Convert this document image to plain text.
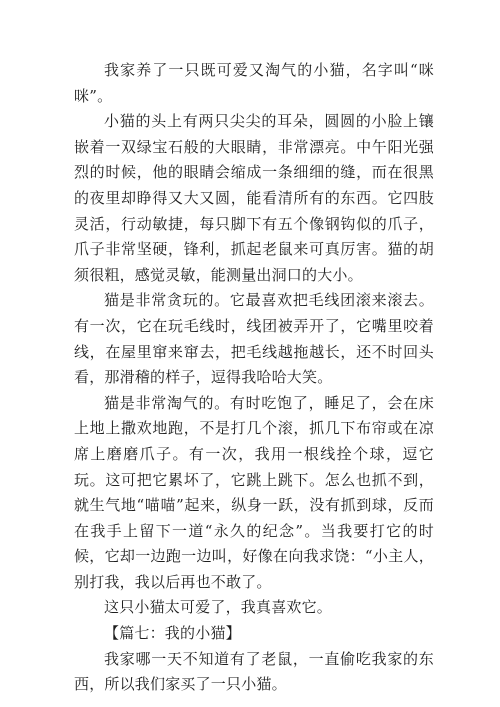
我家养了一只既可爱又淘气的小猫，名字叫“咪咪”。

小猫的头上有两只尖尖的耳朵，圆圆的小脸上镶嵌着一双绿宝石般的大眼睛，非常漂亮。中午阳光强烈的时候，他的眼睛会缩成一条细细的缝，而在很黑的夜里却睁得又大又圆，能看清所有的东西。它四肢灵活，行动敏捷，每只脚下有五个像钢钩似的爪子，爪子非常坚硬，锋利，抓起老鼠来可真厉害。猫的胡须很粗，感觉灵敏，能测量出洞口的大小。

猫是非常贪玩的。它最喜欢把毛线团滚来滚去。有一次，它在玩毛线时，线团被弄开了，它嘴里咬着线，在屋里窜来窜去，把毛线越拖越长，还不时回头看，那滑稽的样子，逗得我哈哈大笑。

猫是非常淘气的。有时吃饱了，睡足了，会在床上地上撒欢地跑，不是打几个滚，抓几下布帘或在凉席上磨磨爪子。有一次，我用一根线拴个球，逗它玩。这可把它累坏了，它跳上跳下。怎么也抓不到，就生气地“喵喵”起来，纵身一跃，没有抓到球，反而在我手上留下一道“永久的纪念”。当我要打它的时候，它却一边跑一边叫，好像在向我求饶：“小主人，别打我，我以后再也不敢了。

这只小猫太可爱了，我真喜欢它。

【篇七：我的小猫】

我家哪一天不知道有了老鼠，一直偷吃我家的东西，所以我们家买了一只小猫。
